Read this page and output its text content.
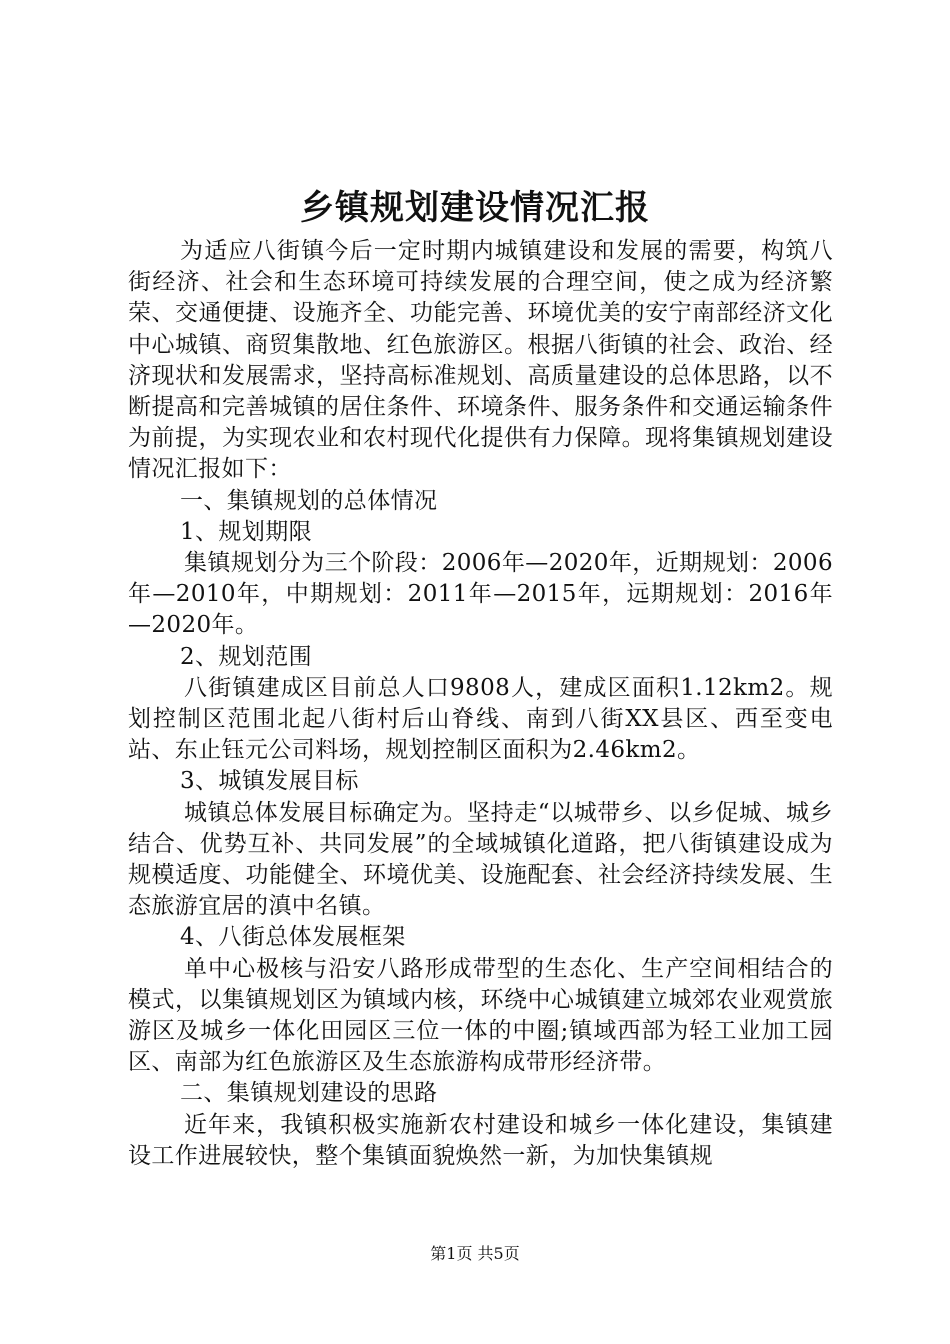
乡镇规划建设情况汇报

为适应八街镇今后一定时期内城镇建设和发展的需要，构筑八街经济、社会和生态环境可持续发展的合理空间，使之成为经济繁荣、交通便捷、设施齐全、功能完善、环境优美的安宁南部经济文化中心城镇、商贸集散地、红色旅游区。根据八街镇的社会、政治、经济现状和发展需求，坚持高标准规划、高质量建设的总体思路，以不断提高和完善城镇的居住条件、环境条件、服务条件和交通运输条件为前提，为实现农业和农村现代化提供有力保障。现将集镇规划建设情况汇报如下：

一、集镇规划的总体情况

1、规划期限

集镇规划分为三个阶段：2006年—2020年，近期规划：2006年—2010年，中期规划：2011年—2015年，远期规划：2016年—2020年。

2、规划范围

八街镇建成区目前总人口9808人，建成区面积1.12km2。规划控制区范围北起八街村后山脊线、南到八街XX县区、西至变电站、东止钰元公司料场，规划控制区面积为2.46km2。

3、城镇发展目标

城镇总体发展目标确定为。坚持走“以城带乡、以乡促城、城乡结合、优势互补、共同发展”的全域城镇化道路，把八街镇建设成为规模适度、功能健全、环境优美、设施配套、社会经济持续发展、生态旅游宜居的滇中名镇。

4、八街总体发展框架

单中心极核与沿安八路形成带型的生态化、生产空间相结合的模式，以集镇规划区为镇域内核，环绕中心城镇建立城郊农业观赏旅游区及城乡一体化田园区三位一体的中圈;镇域西部为轻工业加工园区、南部为红色旅游区及生态旅游构成带形经济带。

二、集镇规划建设的思路

近年来，我镇积极实施新农村建设和城乡一体化建设，集镇建设工作进展较快，整个集镇面貌焕然一新，为加快集镇规

第1页 共5页
